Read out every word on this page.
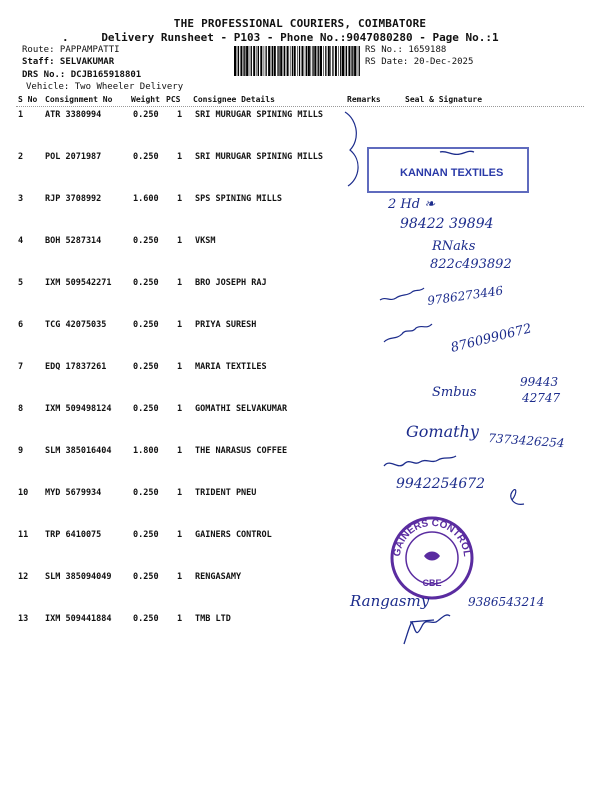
THE PROFESSIONAL COURIERS, COIMBATORE
.	Delivery Runsheet - P103 - Phone No.:9047080280 - Page No.:1
Route: PAPPAMPATTI
Staff: SELVAKUMAR
DRS No.: DCJB165918801
Vehicle: Two Wheeler Delivery
RS No.: 1659188
RS Date: 20-Dec-2025
S No Consignment No Weight PCS Consignee Details	Remarks	Seal & Signature
1	ATR 3380994	0.250 1 SRI MURUGAR SPINING MILLS
2	POL 2071987	0.250 1 SRI MURUGAR SPINING MILLS
3	RJP 3708992	1.600 1 SPS SPINING MILLS
4	BOH 5287314	0.250 1 VKSM
5	IXM 509542271	0.250 1 BRO JOSEPH RAJ
6	TCG 42075035	0.250 1 PRIYA SURESH
7	EDQ 17837261	0.250 1 MARIA TEXTILES
8	IXM 509498124	0.250 1 GOMATHI SELVAKUMAR
9	SLM 385016404	1.800 1 THE NARASUS COFFEE
10 MYD 5679934	0.250 1 TRIDENT PNEU
11 TRP 6410075	0.250 1 GAINERS CONTROL
12 SLM 385094049	0.250 1 RENGASAMY
13 IXM 509441884	0.250 1 TMB LTD
KANNAN TEXTILES
2 Hd ❧
98422 39894
RNaks
822c493892
9786273446
8760990672
Smbus
99443
42747
Gomathy 7373426254
9942254672
GAINERS CONTROL
CBE
Rangasmy	9386543214
